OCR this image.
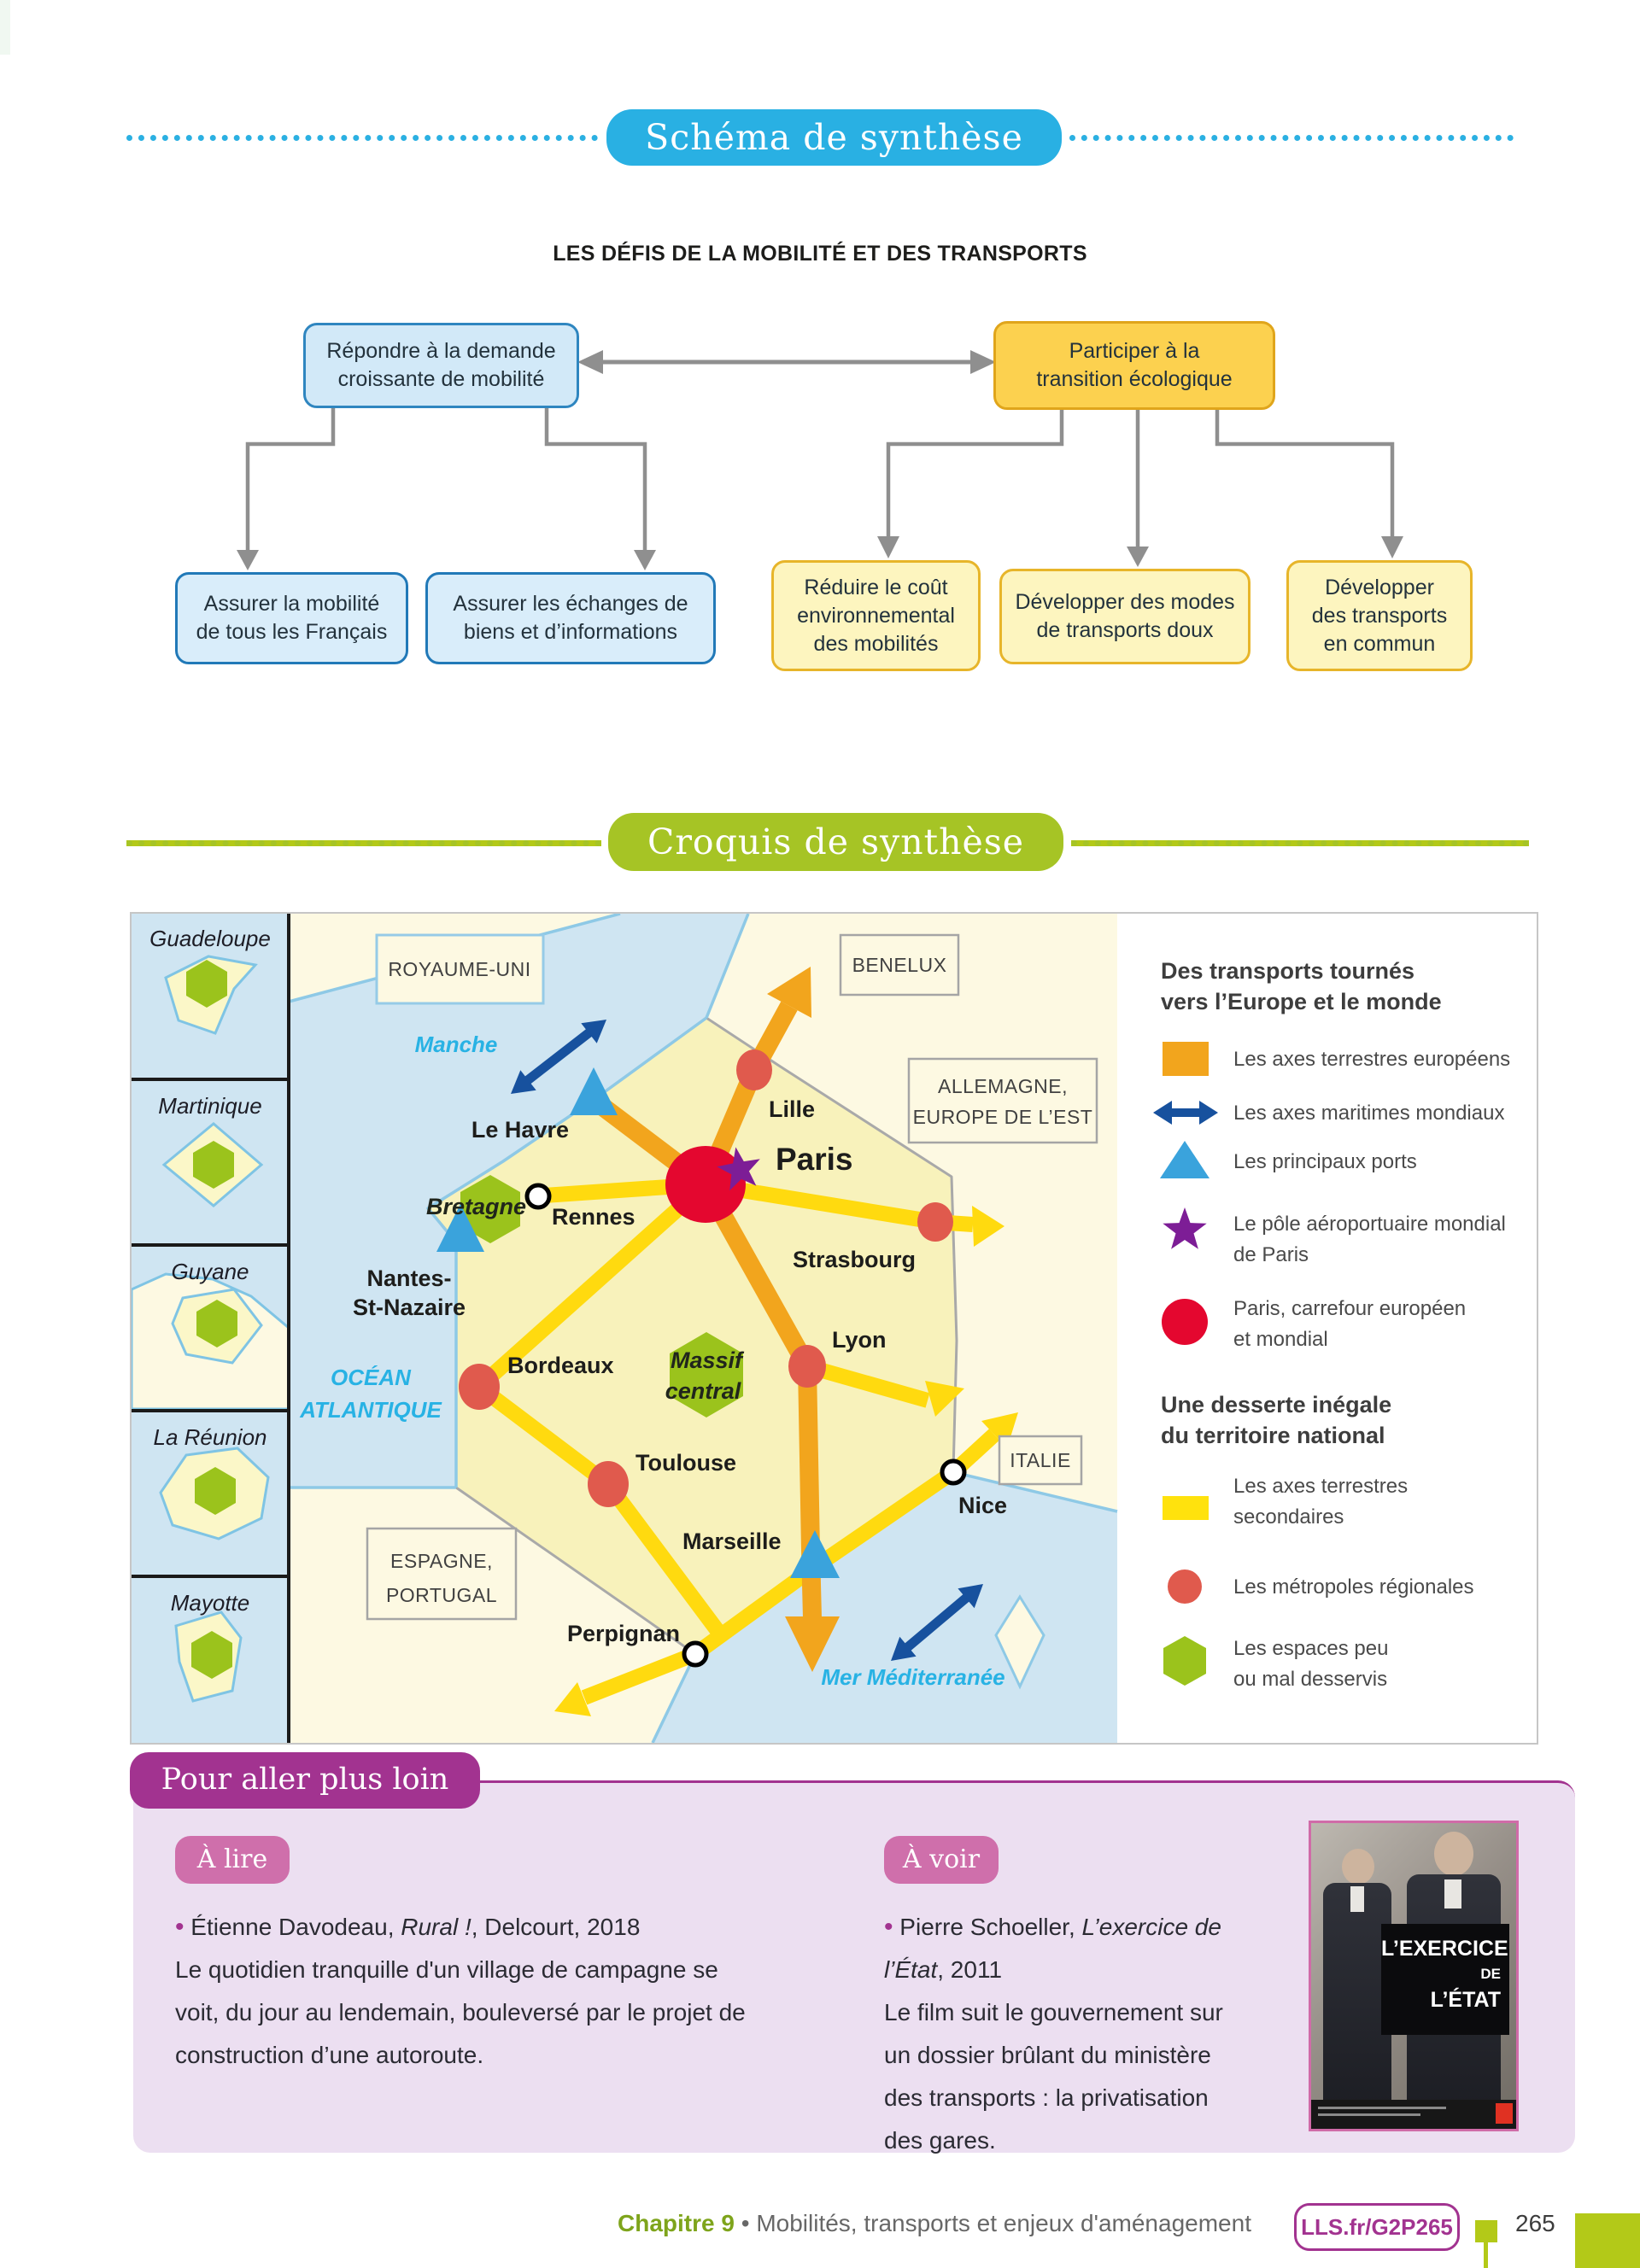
Schéma de synthèse
LES DÉFIS DE LA MOBILITÉ ET DES TRANSPORTS
Répondre à la demande
croissante de mobilité
Participer à la
transition écologique
Assurer la mobilité
de tous les Français
Assurer les échanges de
biens et d’informations
Réduire le coût
environnemental
des mobilités
Développer des modes
de transports doux
Développer
des transports
en commun
Croquis de synthèse
ROYAUME-UNI	BENELUX
ALLEMAGNE,
EUROPE DE L’EST
ITALIE
ESPAGNE,
PORTUGAL
Manche
OCÉAN
ATLANTIQUE
Mer Méditerranée
Bretagne
Massif
central
Le Havre
Lille
Paris
Rennes
Strasbourg
Nantes-
St-Nazaire
Bordeaux
Lyon
Toulouse
Marseille
Nice
Perpignan
Guadeloupe
Martinique
Guyane
La Réunion
Mayotte
Des transports tournés
vers l’Europe et le monde
Les axes terrestres européens
Les axes maritimes mondiaux
Les principaux ports
Le pôle aéroportuaire mondial
de Paris
Paris, carrefour européen
et mondial
Une desserte inégale
du territoire national
Les axes terrestres
secondaires
Les métropoles régionales
Les espaces peu
ou mal desservis
Pour aller plus loin
À lire
• Étienne Davodeau, Rural !, Delcourt, 2018
Le quotidien tranquille d'un village de campagne se
voit, du jour au lendemain, bouleversé par le projet de
construction d’une autoroute.
À voir
• Pierre Schoeller, L’exercice de
l’État, 2011
Le film suit le gouvernement sur
un dossier brûlant du ministère
des transports : la privatisation
des gares.
L’EXERCICE
DE
L’ÉTAT
Chapitre 9 • Mobilités, transports et enjeux d'aménagement	LLS.fr/G2P265	265
